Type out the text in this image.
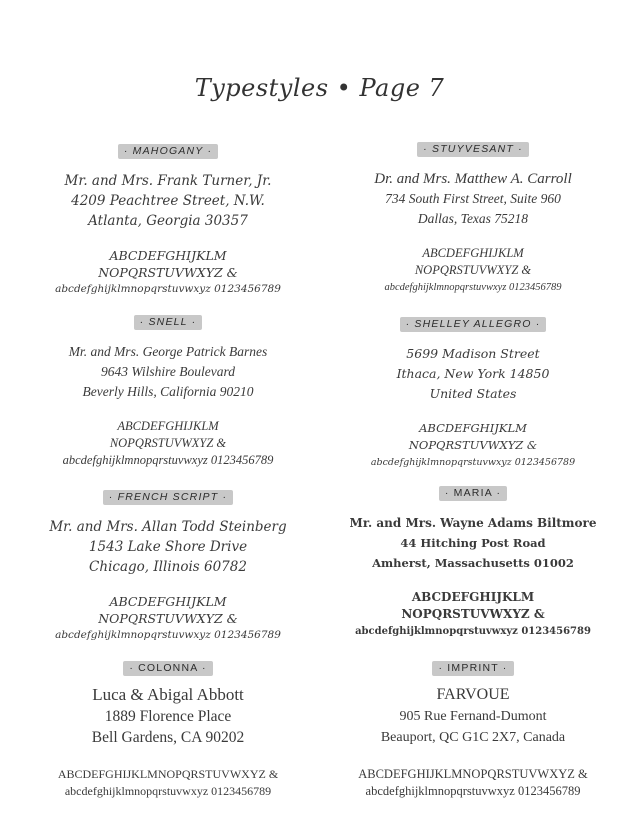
Typestyles • Page 7
· MAHOGANY ·
Mr. and Mrs. Frank Turner, Jr.
4209 Peachtree Street, N.W.
Atlanta, Georgia 30357
ABCDEFGHIJKLM
NOPQRSTUVWXYZ &
abcdefghijklmnopqrstuvwxyz 0123456789
· SNELL ·
Mr. and Mrs. George Patrick Barnes
9643 Wilshire Boulevard
Beverly Hills, California 90210
ABCDEFGHIJKLM
NOPQRSTUVWXYZ &
abcdefghijklmnopqrstuvwxyz 0123456789
· FRENCH SCRIPT ·
Mr. and Mrs. Allan Todd Steinberg
1543 Lake Shore Drive
Chicago, Illinois 60782
ABCDEFGHIJKLM
NOPQRSTUVWXYZ &
abcdefghijklmnopqrstuvwxyz 0123456789
· COLONNA ·
Luca & Abigal Abbott
1889 Florence Place
Bell Gardens, CA 90202
ABCDEFGHIJKLMNOPQRSTUVWXYZ &
abcdefghijklmnopqrstuvwxyz 0123456789
· STUYVESANT ·
Dr. and Mrs. Matthew A. Carroll
734 South First Street, Suite 960
Dallas, Texas 75218
ABCDEFGHIJKLM
NOPQRSTUVWXYZ &
abcdefghijklmnopqrstuvwxyz 0123456789
· SHELLEY ALLEGRO ·
5699 Madison Street
Ithaca, New York 14850
United States
ABCDEFGHIJKLM
NOPQRSTUVWXYZ &
abcdefghijklmnopqrstuvwxyz 0123456789
· MARIA ·
Mr. and Mrs. Wayne Adams Biltmore
44 Hitching Post Road
Amherst, Massachusetts 01002
ABCDEFGHIJKLM
NOPQRSTUVWXYZ &
abcdefghijklmnopqrstuvwxyz 0123456789
· IMPRINT ·
FARVOUE
905 Rue Fernand-Dumont
Beauport, QC G1C 2X7, Canada
ABCDEFGHIJKLMNOPQRSTUVWXYZ &
abcdefghijklmnopqrstuvwxyz 0123456789
